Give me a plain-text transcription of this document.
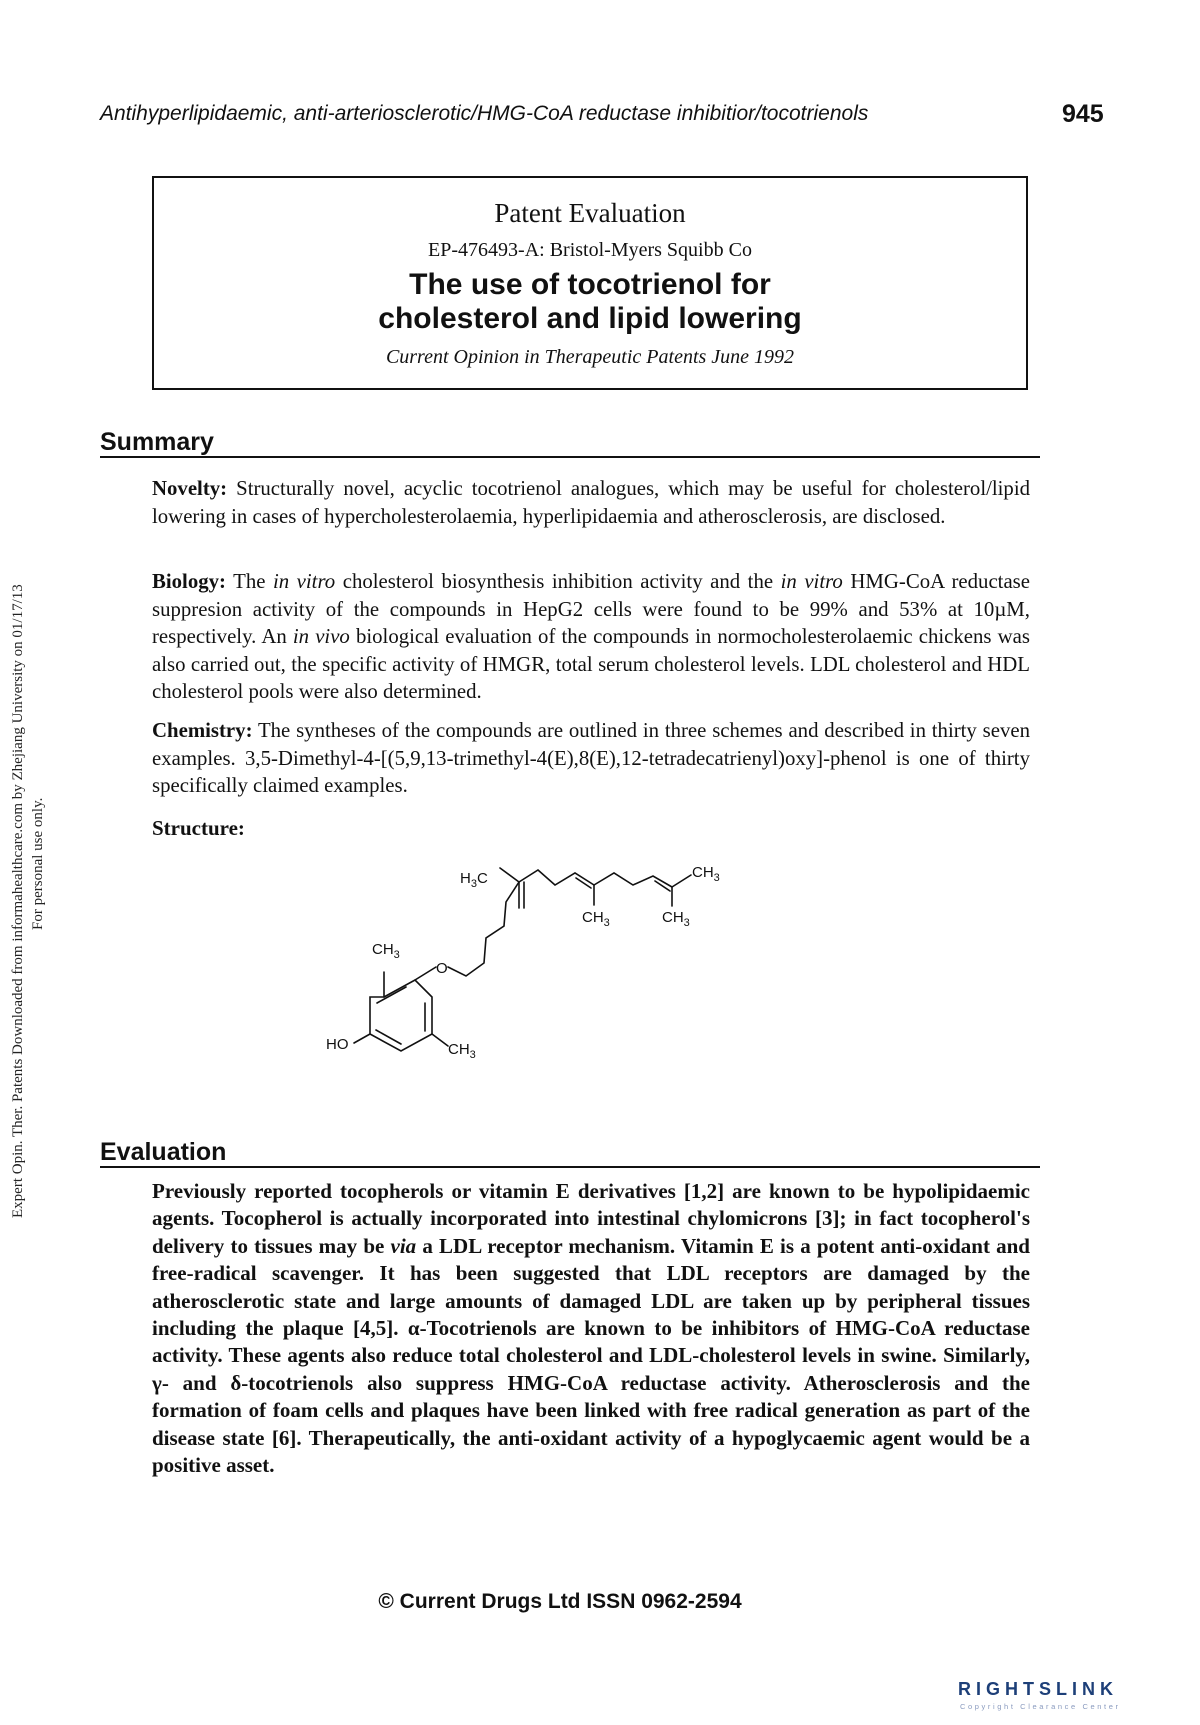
Antihyperlipidaemic, anti-arteriosclerotic/HMG-CoA reductase inhibitior/tocotrienols	945
Expert Opin. Ther. Patents Downloaded from informahealthcare.com by Zhejiang University on 01/17/13 For personal use only.
Patent Evaluation
EP-476493-A: Bristol-Myers Squibb Co
The use of tocotrienol for
cholesterol and lipid lowering
Current Opinion in Therapeutic Patents June 1992
Summary
Novelty: Structurally novel, acyclic tocotrienol analogues, which may be useful for cholesterol/lipid lowering in cases of hypercholesterolaemia, hyperlipidaemia and atherosclerosis, are disclosed.
Biology: The in vitro cholesterol biosynthesis inhibition activity and the in vitro HMG-CoA reductase suppresion activity of the compounds in HepG2 cells were found to be 99% and 53% at 10µM, respectively. An in vivo biological evaluation of the compounds in normocholesterolaemic chickens was also carried out, the specific activity of HMGR, total serum cholesterol levels. LDL cholesterol and HDL cholesterol pools were also determined.
Chemistry: The syntheses of the compounds are outlined in three schemes and described in thirty seven examples. 3,5-Dimethyl-4-[(5,9,13-trimethyl-4(E),8(E),12-tetradecatrienyl)oxy]-phenol is one of thirty specifically claimed examples.
Structure:
$H_3C$	$CH_3$
$CH_3$	$CH_3$
$CH_3$
O
HO	$CH_3$
Evaluation
Previously reported tocopherols or vitamin E derivatives [1,2] are known to be hypolipidaemic agents. Tocopherol is actually incorporated into intestinal chylomicrons [3]; in fact tocopherol's delivery to tissues may be via a LDL receptor mechanism. Vitamin E is a potent anti-oxidant and free-radical scavenger. It has been suggested that LDL receptors are damaged by the atherosclerotic state and large amounts of damaged LDL are taken up by peripheral tissues including the plaque [4,5]. α-Tocotrienols are known to be inhibitors of HMG-CoA reductase activity. These agents also reduce total cholesterol and LDL-cholesterol levels in swine. Similarly, γ- and δ-tocotrienols also suppress HMG-CoA reductase activity. Atherosclerosis and the formation of foam cells and plaques have been linked with free radical generation as part of the disease state [6]. Therapeutically, the anti-oxidant activity of a hypoglycaemic agent would be a positive asset.
© Current Drugs Ltd ISSN 0962-2594
RIGHTSLINK
Copyright Clearance Center
